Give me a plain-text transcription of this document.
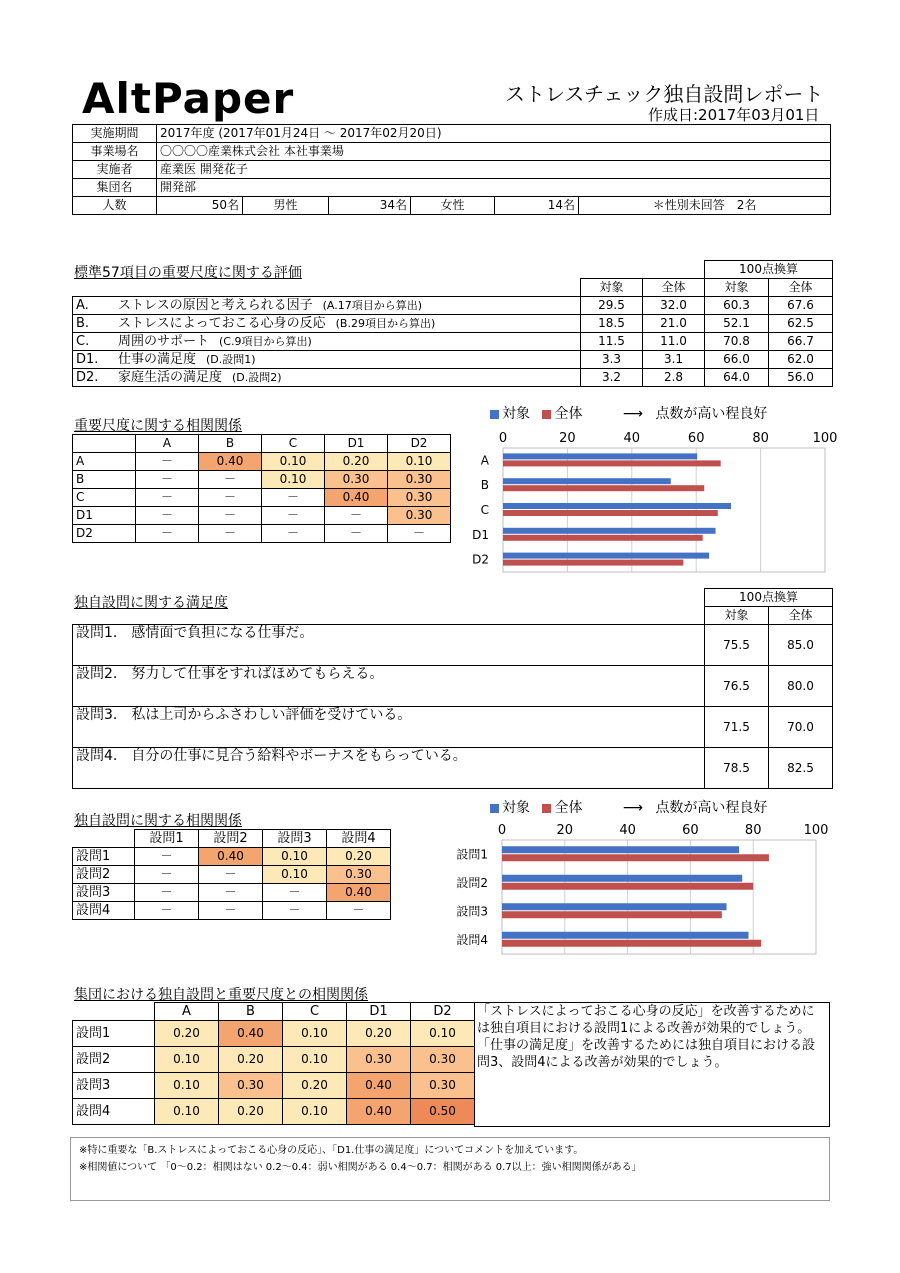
AltPaper	ストレスチェック独自設問レポート
作成日:2017年03月01日
実施期間	2017年度 (2017年01月24日 ～ 2017年02月20日)					
事業場名	〇〇〇〇産業株式会社 本社事業場					
実施者	産業医 開発花子					
集団名	開発部					
人数	50名	男性	34名	女性	14名	＊性別未回答　2名
標準57項目の重要尺度に関する評価
				100点換算	
	対象	全体	対象	全体
A. ストレスの原因と考えられる因子 (A.17項目から算出)	29.5	32.0	60.3	67.6
B. ストレスによっておこる心身の反応 (B.29項目から算出)	18.5	21.0	52.1	62.5
C. 周囲のサポート (C.9項目から算出)	11.5	11.0	70.8	66.7
D1. 仕事の満足度 (D.設問1)	3.3	3.1	66.0	62.0
D2. 家庭生活の満足度 (D.設問2)	3.2	2.8	64.0	56.0
重要尺度に関する相関関係
	A	B	C	D1	D2
A	－	0.40	0.10	0.20	0.10
B	－	－	0.10	0.30	0.30
C	－	－	－	0.40	0.30
D1	－	－	－	－	0.30
D2	－	－	－	－	－
対象 全体	⟶ 点数が高い程良好
0	20	40	60	80	100
A
B
C
D1
D2
独自設問に関する満足度
		100点換算	
	対象	全体
設問1.　感情面で負担になる仕事だ。	75.5	85.0
設問2.　努力して仕事をすればほめてもらえる。	76.5	80.0
設問3.　私は上司からふさわしい評価を受けている。	71.5	70.0
設問4.　自分の仕事に見合う給料やボーナスをもらっている。	78.5	82.5
独自設問に関する相関関係
	設問1	設問2	設問3	設問4
設問1	－	0.40	0.10	0.20
設問2	－	－	0.10	0.30
設問3	－	－	－	0.40
設問4	－	－	－	－
対象 全体	⟶ 点数が高い程良好
0	20	40	60	80	100
設問1
設問2
設問3
設問4
集団における独自設問と重要尺度との相関関係
	A	B	C	D1	D2
設問1	0.20	0.40	0.10	0.20	0.10
設問2	0.10	0.20	0.10	0.30	0.30
設問3	0.10	0.30	0.20	0.40	0.30
設問4	0.10	0.20	0.10	0.40	0.50
「ストレスによっておこる心身の反応」を改善するためには独自項目における設問1による改善が効果的でしょう。
「仕事の満足度」を改善するためには独自項目における設問3、設問4による改善が効果的でしょう。
※特に重要な「B.ストレスによっておこる心身の反応」、「D1.仕事の満足度」についてコメントを加えています。
※相関値について 「0～0.2：相関はない 0.2～0.4：弱い相関がある 0.4～0.7：相関がある 0.7以上：強い相関関係がある」
